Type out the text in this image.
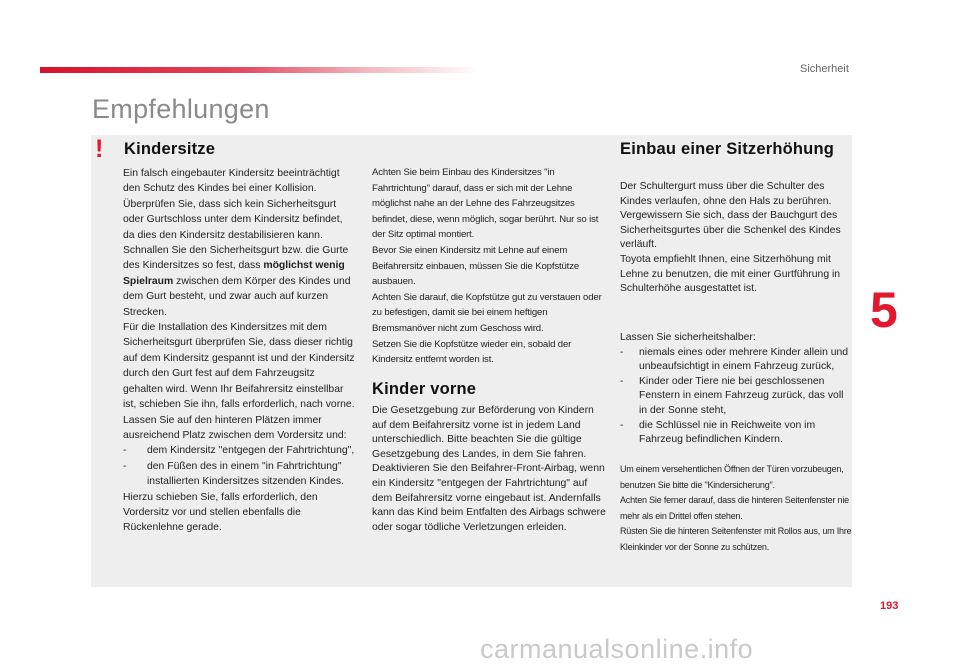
Sicherheit
Empfehlungen
5
193
carmanualsonline.info
! Kindersitze

Ein falsch eingebauter Kindersitz beeinträchtigt den Schutz des Kindes bei einer Kollision.

Überprüfen Sie, dass sich kein Sicherheitsgurt oder Gurtschloss unter dem Kindersitz befindet, da dies den Kindersitz destabilisieren kann.

Schnallen Sie den Sicherheitsgurt bzw. die Gurte des Kindersitzes so fest, dass möglichst wenig Spielraum zwischen dem Körper des Kindes und dem Gurt besteht, und zwar auch auf kurzen Strecken.

Für die Installation des Kindersitzes mit dem Sicherheitsgurt überprüfen Sie, dass dieser richtig auf dem Kindersitz gespannt ist und der Kindersitz durch den Gurt fest auf dem Fahrzeugsitz gehalten wird. Wenn Ihr Beifahrersitz einstellbar ist, schieben Sie ihn, falls erforderlich, nach vorne.

Lassen Sie auf den hinteren Plätzen immer ausreichend Platz zwischen dem Vordersitz und:

-	dem Kindersitz "entgegen der Fahrtrichtung",
-	den Füßen des in einem "in Fahrtrichtung" installierten Kindersitzes sitzenden Kindes.

Hierzu schieben Sie, falls erforderlich, den Vordersitz vor und stellen ebenfalls die Rückenlehne gerade.

Achten Sie beim Einbau des Kindersitzes "in Fahrtrichtung" darauf, dass er sich mit der Lehne möglichst nahe an der Lehne des Fahrzeugsitzes befindet, diese, wenn möglich, sogar berührt. Nur so ist der Sitz optimal montiert.

Bevor Sie einen Kindersitz mit Lehne auf einem Beifahrersitz einbauen, müssen Sie die Kopfstütze ausbauen.

Achten Sie darauf, die Kopfstütze gut zu verstauen oder zu befestigen, damit sie bei einem heftigen Bremsmanöver nicht zum Geschoss wird.

Setzen Sie die Kopfstütze wieder ein, sobald der Kindersitz entfernt worden ist.

Kinder vorne

Die Gesetzgebung zur Beförderung von Kindern auf dem Beifahrersitz vorne ist in jedem Land unterschiedlich. Bitte beachten Sie die gültige Gesetzgebung des Landes, in dem Sie fahren.

Deaktivieren Sie den Beifahrer-Front-Airbag, wenn ein Kindersitz "entgegen der Fahrtrichtung" auf dem Beifahrersitz vorne eingebaut ist. Andernfalls kann das Kind beim Entfalten des Airbags schwere oder sogar tödliche Verletzungen erleiden.

Einbau einer Sitzerhöhung

Der Schultergurt muss über die Schulter des Kindes verlaufen, ohne den Hals zu berühren.

Vergewissern Sie sich, dass der Bauchgurt des Sicherheitsgurtes über die Schenkel des Kindes verläuft.

Toyota empfiehlt Ihnen, eine Sitzerhöhung mit Lehne zu benutzen, die mit einer Gurtführung in Schulterhöhe ausgestattet ist.

Lassen Sie sicherheitshalber:

-	niemals eines oder mehrere Kinder allein und unbeaufsichtigt in einem Fahrzeug zurück,
-	Kinder oder Tiere nie bei geschlossenen Fenstern in einem Fahrzeug zurück, das voll in der Sonne steht,
-	die Schlüssel nie in Reichweite von im Fahrzeug befindlichen Kindern.

Um einem versehentlichen Öffnen der Türen vorzubeugen, benutzen Sie bitte die "Kindersicherung".

Achten Sie ferner darauf, dass die hinteren Seitenfenster nie mehr als ein Drittel offen stehen.

Rüsten Sie die hinteren Seitenfenster mit Rollos aus, um Ihre Kleinkinder vor der Sonne zu schützen.
